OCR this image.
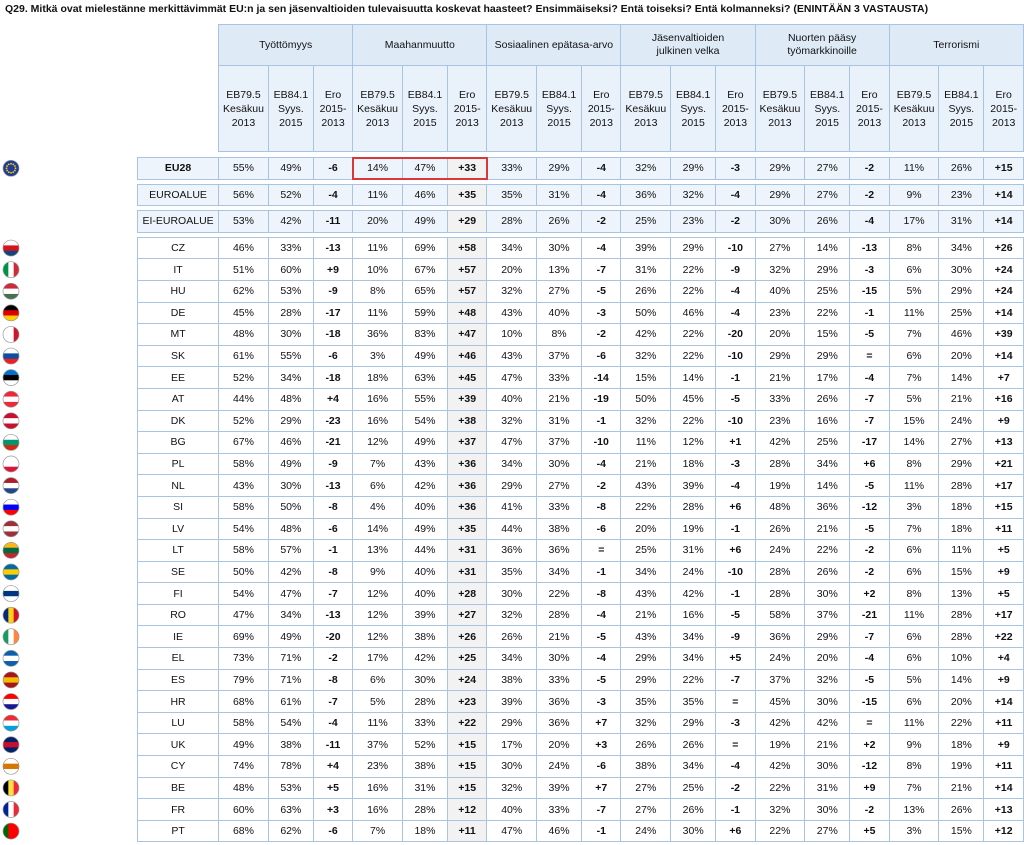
Q29. Mitkä ovat mielestänne merkittävimmät EU:n ja sen jäsenvaltioiden tulevaisuutta koskevat haasteet? Ensimmäiseksi? Entä toiseksi? Entä kolmanneksi? (ENINTÄÄN 3 VASTAUSTA)
	Työttömyys			Maahanmuutto			Sosiaalinen epätasa-arvo			Jäsenvaltioiden julkinen velka			Nuorten pääsy työmarkkinoille			Terrorismi		
	EB79.5 Kesäkuu 2013	EB84.1 Syys. 2015	Ero 2015-2013	EB79.5 Kesäkuu 2013	EB84.1 Syys. 2015	Ero 2015-2013	EB79.5 Kesäkuu 2013	EB84.1 Syys. 2015	Ero 2015-2013	EB79.5 Kesäkuu 2013	EB84.1 Syys. 2015	Ero 2015-2013	EB79.5 Kesäkuu 2013	EB84.1 Syys. 2015	Ero 2015-2013	EB79.5 Kesäkuu 2013	EB84.1 Syys. 2015	Ero 2015-2013

EU28	55%	49%	-6	14%	47%	+33	33%	29%	-4	32%	29%	-3	29%	27%	-2	11%	26%	+15

EUROALUE	56%	52%	-4	11%	46%	+35	35%	31%	-4	36%	32%	-4	29%	27%	-2	9%	23%	+14

EI-EUROALUE	53%	42%	-11	20%	49%	+29	28%	26%	-2	25%	23%	-2	30%	26%	-4	17%	31%	+14

CZ	46%	33%	-13	11%	69%	+58	34%	30%	-4	39%	29%	-10	27%	14%	-13	8%	34%	+26
IT	51%	60%	+9	10%	67%	+57	20%	13%	-7	31%	22%	-9	32%	29%	-3	6%	30%	+24
HU	62%	53%	-9	8%	65%	+57	32%	27%	-5	26%	22%	-4	40%	25%	-15	5%	29%	+24
DE	45%	28%	-17	11%	59%	+48	43%	40%	-3	50%	46%	-4	23%	22%	-1	11%	25%	+14
MT	48%	30%	-18	36%	83%	+47	10%	8%	-2	42%	22%	-20	20%	15%	-5	7%	46%	+39
SK	61%	55%	-6	3%	49%	+46	43%	37%	-6	32%	22%	-10	29%	29%	=	6%	20%	+14
EE	52%	34%	-18	18%	63%	+45	47%	33%	-14	15%	14%	-1	21%	17%	-4	7%	14%	+7
AT	44%	48%	+4	16%	55%	+39	40%	21%	-19	50%	45%	-5	33%	26%	-7	5%	21%	+16
DK	52%	29%	-23	16%	54%	+38	32%	31%	-1	32%	22%	-10	23%	16%	-7	15%	24%	+9
BG	67%	46%	-21	12%	49%	+37	47%	37%	-10	11%	12%	+1	42%	25%	-17	14%	27%	+13
PL	58%	49%	-9	7%	43%	+36	34%	30%	-4	21%	18%	-3	28%	34%	+6	8%	29%	+21
NL	43%	30%	-13	6%	42%	+36	29%	27%	-2	43%	39%	-4	19%	14%	-5	11%	28%	+17
SI	58%	50%	-8	4%	40%	+36	41%	33%	-8	22%	28%	+6	48%	36%	-12	3%	18%	+15
LV	54%	48%	-6	14%	49%	+35	44%	38%	-6	20%	19%	-1	26%	21%	-5	7%	18%	+11
LT	58%	57%	-1	13%	44%	+31	36%	36%	=	25%	31%	+6	24%	22%	-2	6%	11%	+5
SE	50%	42%	-8	9%	40%	+31	35%	34%	-1	34%	24%	-10	28%	26%	-2	6%	15%	+9
FI	54%	47%	-7	12%	40%	+28	30%	22%	-8	43%	42%	-1	28%	30%	+2	8%	13%	+5
RO	47%	34%	-13	12%	39%	+27	32%	28%	-4	21%	16%	-5	58%	37%	-21	11%	28%	+17
IE	69%	49%	-20	12%	38%	+26	26%	21%	-5	43%	34%	-9	36%	29%	-7	6%	28%	+22
EL	73%	71%	-2	17%	42%	+25	34%	30%	-4	29%	34%	+5	24%	20%	-4	6%	10%	+4
ES	79%	71%	-8	6%	30%	+24	38%	33%	-5	29%	22%	-7	37%	32%	-5	5%	14%	+9
HR	68%	61%	-7	5%	28%	+23	39%	36%	-3	35%	35%	=	45%	30%	-15	6%	20%	+14
LU	58%	54%	-4	11%	33%	+22	29%	36%	+7	32%	29%	-3	42%	42%	=	11%	22%	+11
UK	49%	38%	-11	37%	52%	+15	17%	20%	+3	26%	26%	=	19%	21%	+2	9%	18%	+9
CY	74%	78%	+4	23%	38%	+15	30%	24%	-6	38%	34%	-4	42%	30%	-12	8%	19%	+11
BE	48%	53%	+5	16%	31%	+15	32%	39%	+7	27%	25%	-2	22%	31%	+9	7%	21%	+14
FR	60%	63%	+3	16%	28%	+12	40%	33%	-7	27%	26%	-1	32%	30%	-2	13%	26%	+13
PT	68%	62%	-6	7%	18%	+11	47%	46%	-1	24%	30%	+6	22%	27%	+5	3%	15%	+12
